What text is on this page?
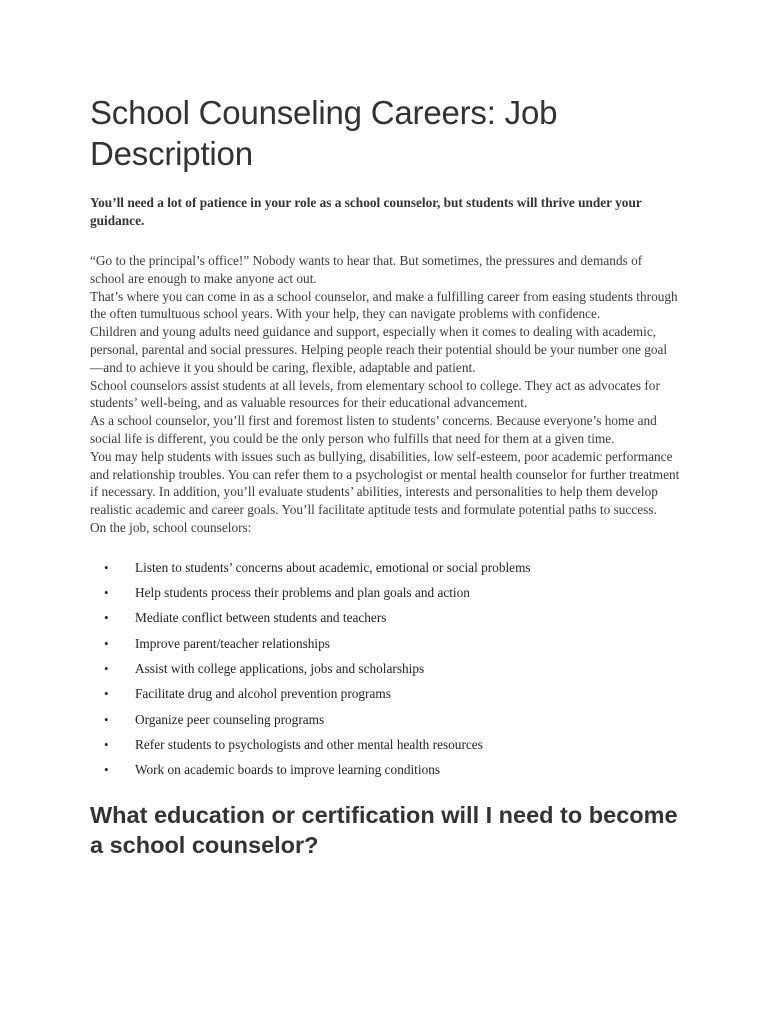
School Counseling Careers: Job Description

You’ll need a lot of patience in your role as a school counselor, but students will thrive under your guidance.

“Go to the principal’s office!” Nobody wants to hear that. But sometimes, the pressures and demands of school are enough to make anyone act out.

That’s where you can come in as a school counselor, and make a fulfilling career from easing students through the often tumultuous school years. With your help, they can navigate problems with confidence.

Children and young adults need guidance and support, especially when it comes to dealing with academic, personal, parental and social pressures. Helping people reach their potential should be your number one goal—and to achieve it you should be caring, flexible, adaptable and patient.

School counselors assist students at all levels, from elementary school to college. They act as advocates for students’ well-being, and as valuable resources for their educational advancement.

As a school counselor, you’ll first and foremost listen to students’ concerns. Because everyone’s home and social life is different, you could be the only person who fulfills that need for them at a given time.

You may help students with issues such as bullying, disabilities, low self-esteem, poor academic performance and relationship troubles. You can refer them to a psychologist or mental health counselor for further treatment if necessary. In addition, you’ll evaluate students’ abilities, interests and personalities to help them develop realistic academic and career goals. You’ll facilitate aptitude tests and formulate potential paths to success.

On the job, school counselors:

• Listen to students’ concerns about academic, emotional or social problems
• Help students process their problems and plan goals and action
• Mediate conflict between students and teachers
• Improve parent/teacher relationships
• Assist with college applications, jobs and scholarships
• Facilitate drug and alcohol prevention programs
• Organize peer counseling programs
• Refer students to psychologists and other mental health resources
• Work on academic boards to improve learning conditions
What education or certification will I need to become a school counselor?
